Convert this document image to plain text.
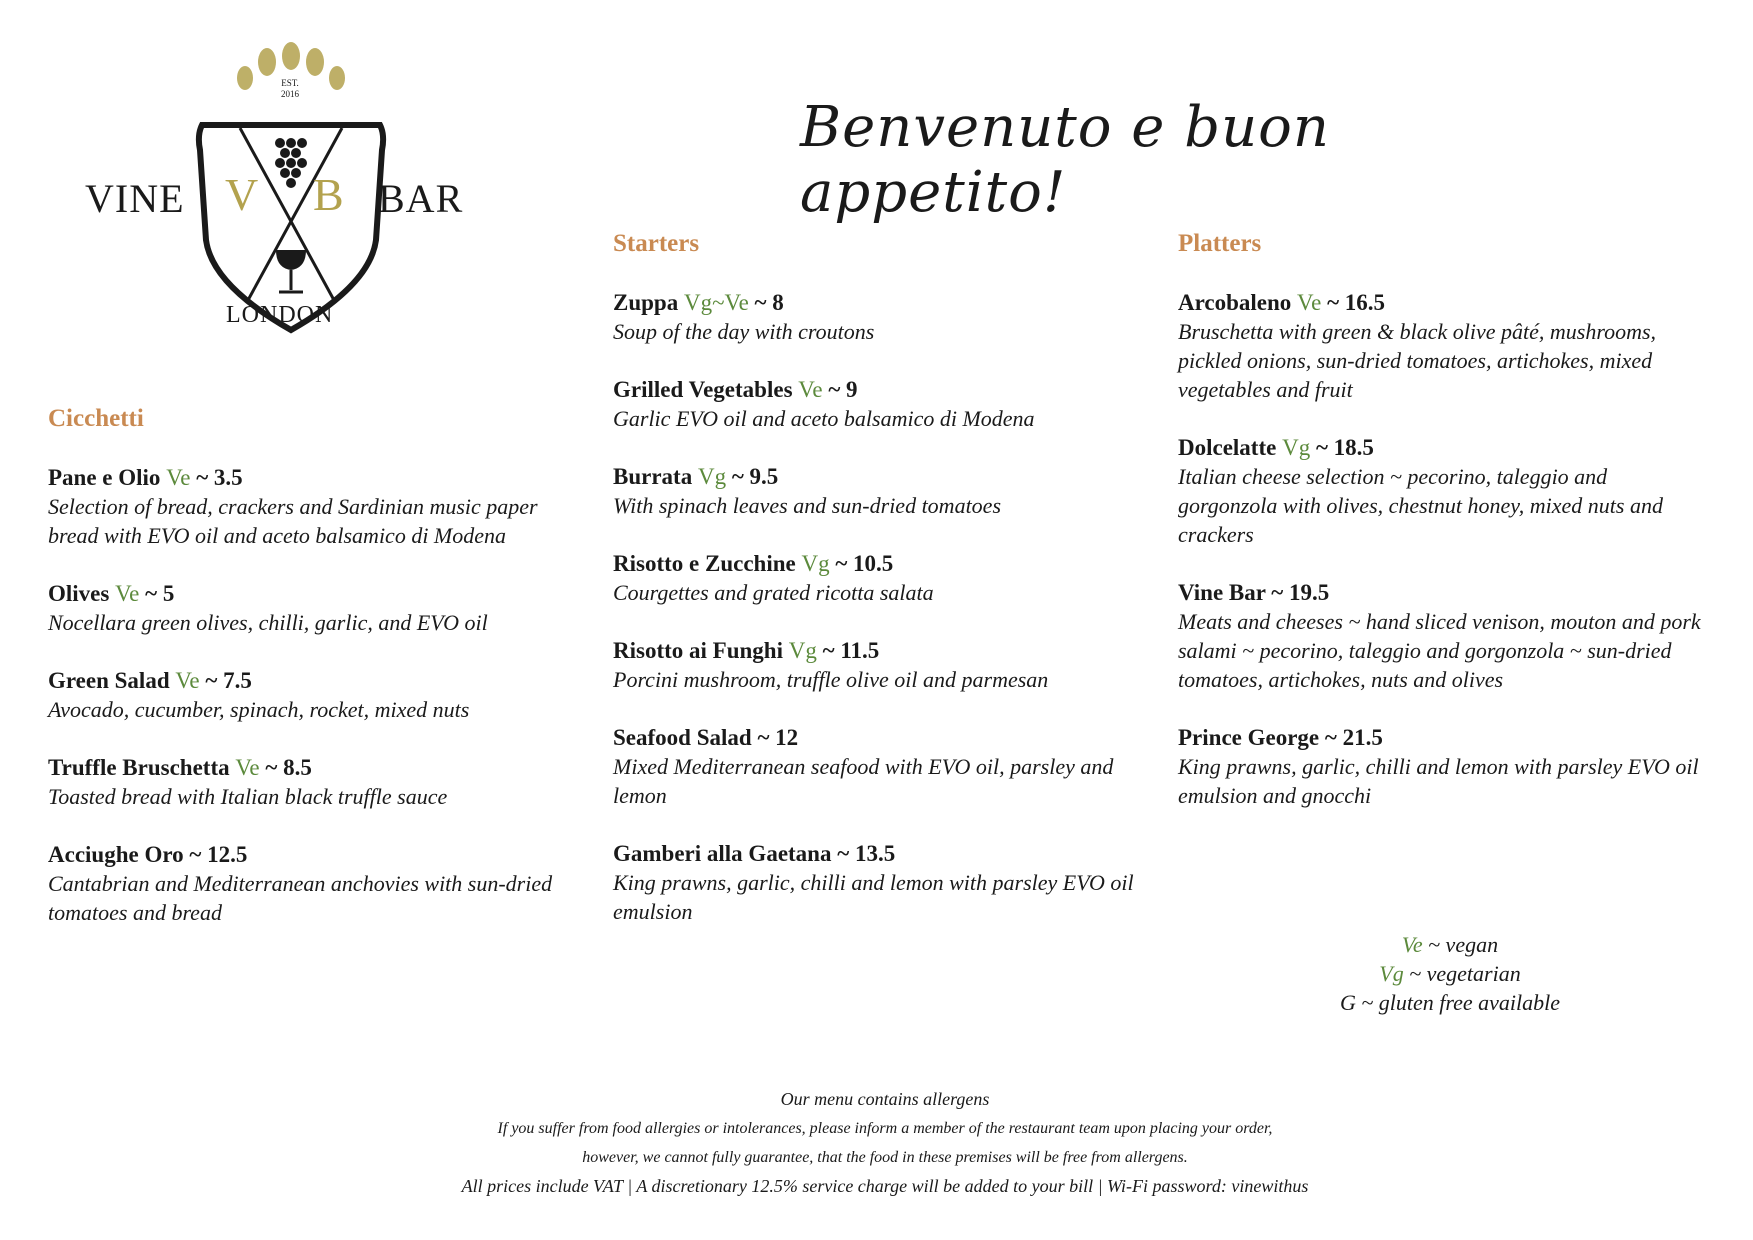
EST.
2016
VINE	BAR
V B
LONDON
Benvenuto e buon appetito!
Cicchetti
Pane e Olio Ve ~ 3.5
Selection of bread, crackers and Sardinian music paper bread with EVO oil and aceto balsamico di Modena
Olives Ve ~ 5
Nocellara green olives, chilli, garlic, and EVO oil
Green Salad Ve ~ 7.5
Avocado, cucumber, spinach, rocket, mixed nuts
Truffle Bruschetta Ve ~ 8.5
Toasted bread with Italian black truffle sauce
Acciughe Oro ~ 12.5
Cantabrian and Mediterranean anchovies with sun-dried tomatoes and bread
Starters
Zuppa Vg~Ve ~ 8
Soup of the day with croutons
Grilled Vegetables Ve ~ 9
Garlic EVO oil and aceto balsamico di Modena
Burrata Vg ~ 9.5
With spinach leaves and sun-dried tomatoes
Risotto e Zucchine Vg ~ 10.5
Courgettes and grated ricotta salata
Risotto ai Funghi Vg ~ 11.5
Porcini mushroom, truffle olive oil and parmesan
Seafood Salad ~ 12
Mixed Mediterranean seafood with EVO oil, parsley and lemon
Gamberi alla Gaetana ~ 13.5
King prawns, garlic, chilli and lemon with parsley EVO oil emulsion
Platters
Arcobaleno Ve ~ 16.5
Bruschetta with green & black olive pâté, mushrooms, pickled onions, sun-dried tomatoes, artichokes, mixed vegetables and fruit
Dolcelatte Vg ~ 18.5
Italian cheese selection ~ pecorino, taleggio and gorgonzola with olives, chestnut honey, mixed nuts and crackers
Vine Bar ~ 19.5
Meats and cheeses ~ hand sliced venison, mouton and pork salami ~ pecorino, taleggio and gorgonzola ~ sun-dried tomatoes, artichokes, nuts and olives
Prince George ~ 21.5
King prawns, garlic, chilli and lemon with parsley EVO oil emulsion and gnocchi
Ve ~ vegan
Vg ~ vegetarian
G ~ gluten free available
Our menu contains allergens
If you suffer from food allergies or intolerances, please inform a member of the restaurant team upon placing your order,
however, we cannot fully guarantee, that the food in these premises will be free from allergens.
All prices include VAT | A discretionary 12.5% service charge will be added to your bill | Wi-Fi password: vinewithus
